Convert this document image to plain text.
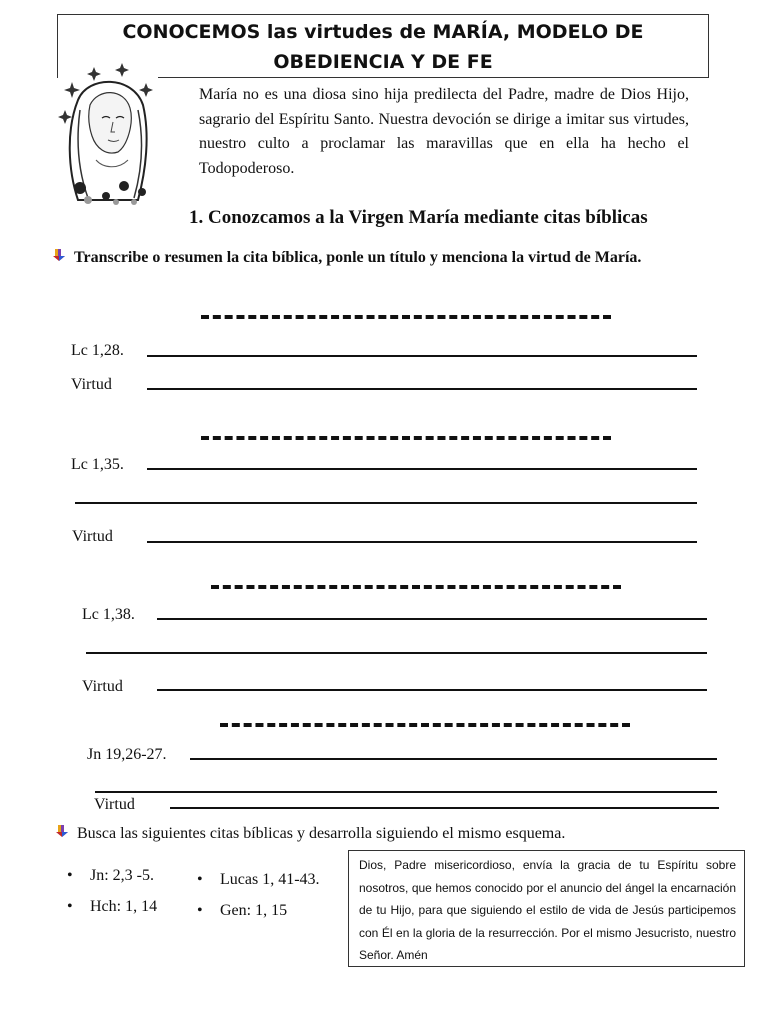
CONOCEMOS las virtudes de MARÍA, MODELO DE
OBEDIENCIA Y DE FE
María no es una diosa sino hija predilecta del Padre, madre de Dios Hijo, sagrario del Espíritu Santo. Nuestra devoción se dirige a imitar sus virtudes, nuestro culto a proclamar las maravillas que en ella ha hecho el Todopoderoso.
1. Conozcamos a la Virgen María mediante citas bíblicas
Transcribe o resumen la cita bíblica, ponle un título y menciona la virtud de María.
Lc 1,28.
Virtud
Lc 1,35.
Virtud
Lc 1,38.
Virtud
Jn 19,26-27.
Virtud
Busca las siguientes citas bíblicas y desarrolla siguiendo el mismo esquema.
• Jn: 2,3 -5.
• Hch: 1, 14
• Lucas 1, 41-43.
• Gen: 1, 15
Dios, Padre misericordioso, envía la gracia de tu Espíritu sobre nosotros, que hemos conocido por el anuncio del ángel la encarnación de tu Hijo, para que siguiendo el estilo de vida de Jesús participemos con Él en la gloria de la resurrección. Por el mismo Jesucristo, nuestro Señor. Amén
